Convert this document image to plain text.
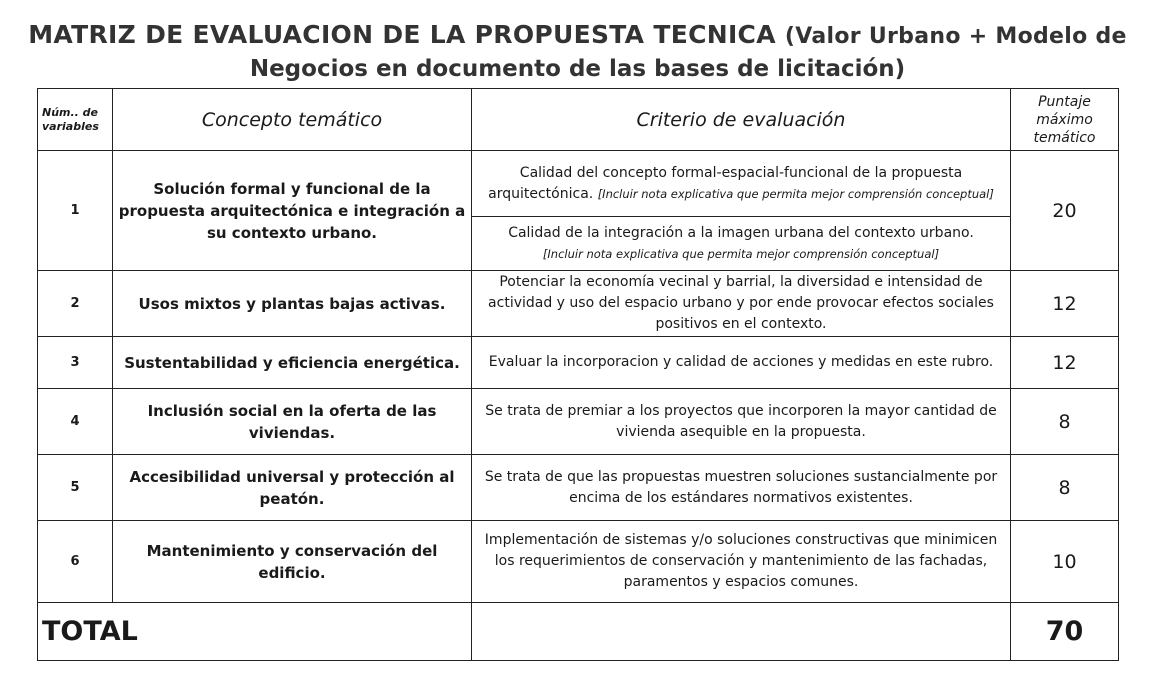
MATRIZ DE EVALUACION DE LA PROPUESTA TECNICA (Valor Urbano + Modelo de
Negocios en documento de las bases de licitación)
Núm.. de variables	Concepto temático	Criterio de evaluación	Puntaje máximo temático
1	Solución formal y funcional de la propuesta arquitectónica e integración a su contexto urbano.	Calidad del concepto formal-espacial-funcional de la propuesta arquitectónica. [Incluir nota explicativa que permita mejor comprensión conceptual]	20
		Calidad de la integración a la imagen urbana del contexto urbano.
[Incluir nota explicativa que permita mejor comprensión conceptual]	
2	Usos mixtos y plantas bajas activas.	Potenciar la economía vecinal y barrial, la diversidad e intensidad de actividad y uso del espacio urbano y por ende provocar efectos sociales positivos en el contexto.	12
3	Sustentabilidad y eficiencia energética.	Evaluar la incorporacion y calidad de acciones y medidas en este rubro.	12
4	Inclusión social en la oferta de las viviendas.	Se trata de premiar a los proyectos que incorporen la mayor cantidad de vivienda asequible en la propuesta.	8
5	Accesibilidad universal y protección al peatón.	Se trata de que las propuestas muestren soluciones sustancialmente por encima de los estándares normativos existentes.	8
6	Mantenimiento y conservación del edificio.	Implementación de sistemas y/o soluciones constructivas que minimicen los requerimientos de conservación y mantenimiento de las fachadas, paramentos y espacios comunes.	10
TOTAL			70
